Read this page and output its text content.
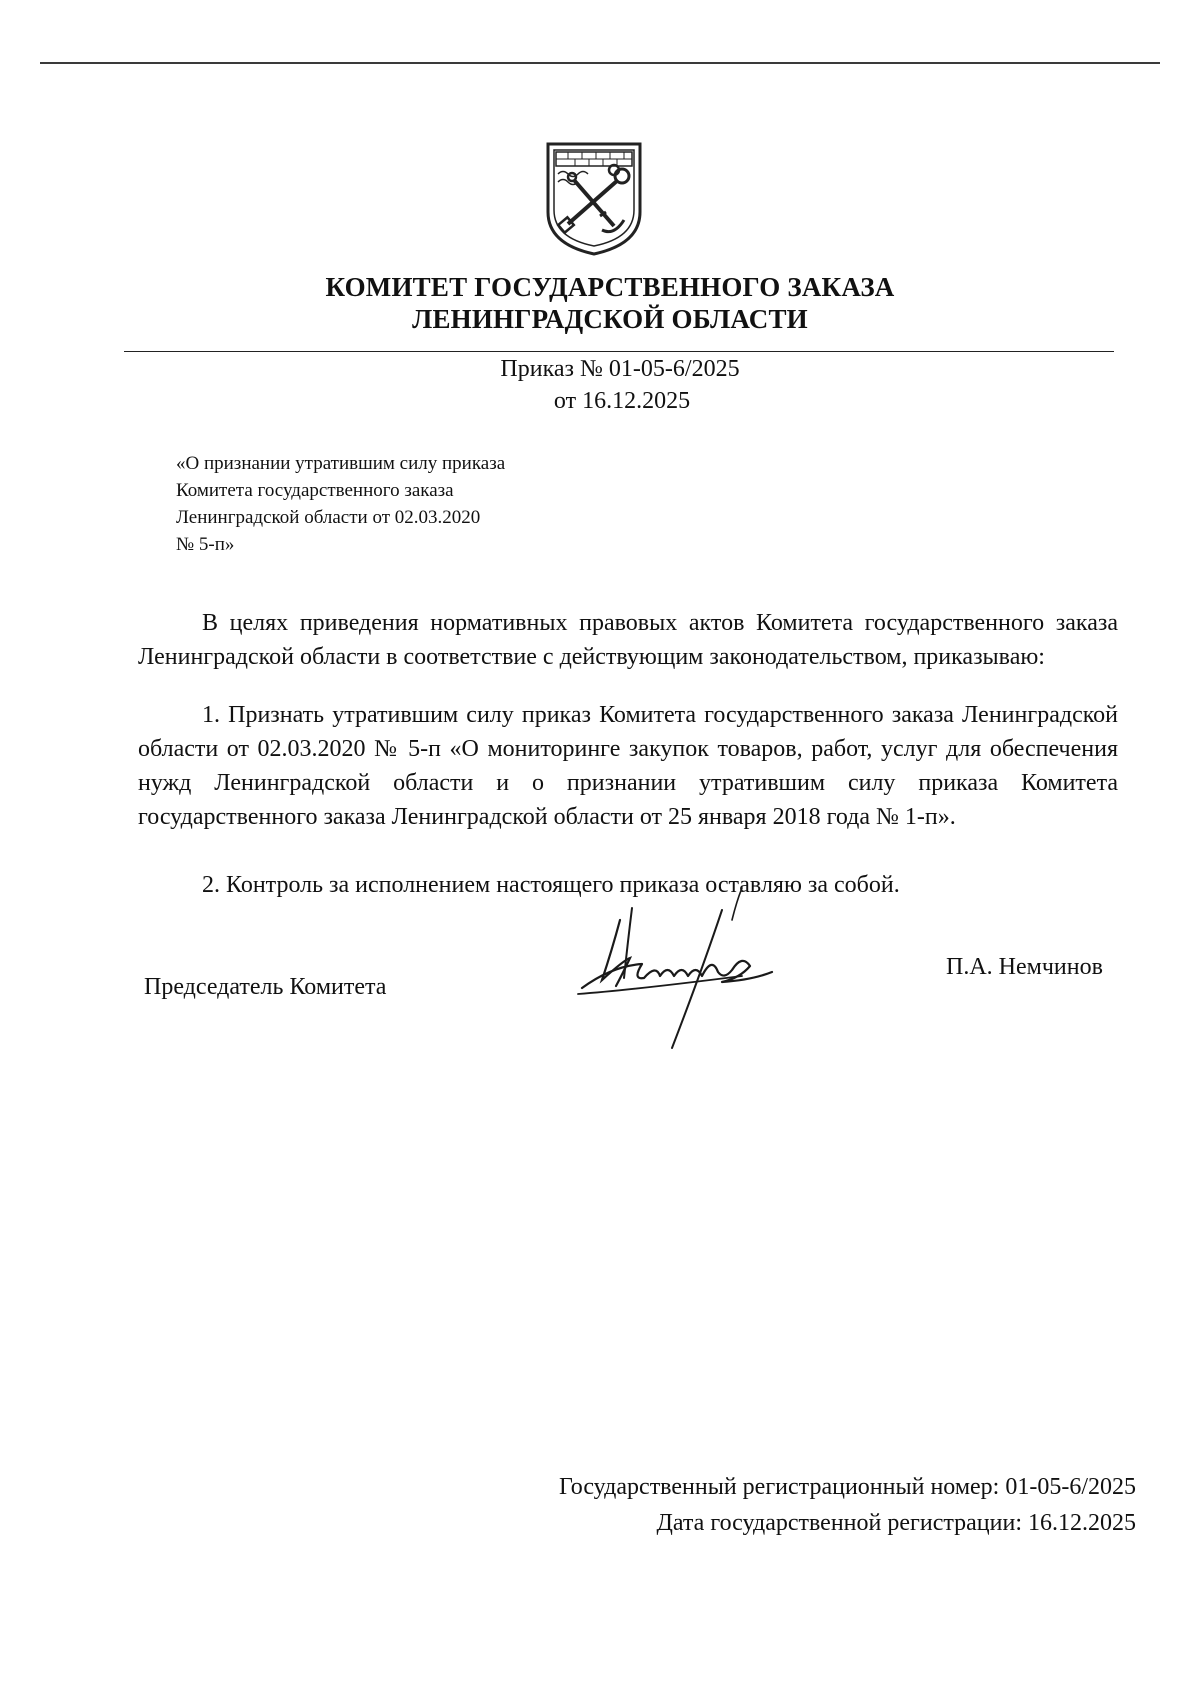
КОМИТЕТ ГОСУДАРСТВЕННОГО ЗАКАЗА
ЛЕНИНГРАДСКОЙ ОБЛАСТИ
Приказ № 01-05-6/2025
от 16.12.2025
«О признании утратившим силу приказа
Комитета государственного заказа
Ленинградской области от 02.03.2020
№ 5-п»
В целях приведения нормативных правовых актов Комитета государственного заказа Ленинградской области в соответствие с действующим законодательством, приказываю:
1. Признать утратившим силу приказ Комитета государственного заказа Ленинградской области от 02.03.2020 № 5-п «О мониторинге закупок товаров, работ, услуг для обеспечения нужд Ленинградской области и о признании утратившим силу приказа Комитета государственного заказа Ленинградской области от 25 января 2018 года № 1-п».
2. Контроль за исполнением настоящего приказа оставляю за собой.
Председатель Комитета
П.А. Немчинов
Государственный регистрационный номер: 01-05-6/2025
Дата государственной регистрации: 16.12.2025
